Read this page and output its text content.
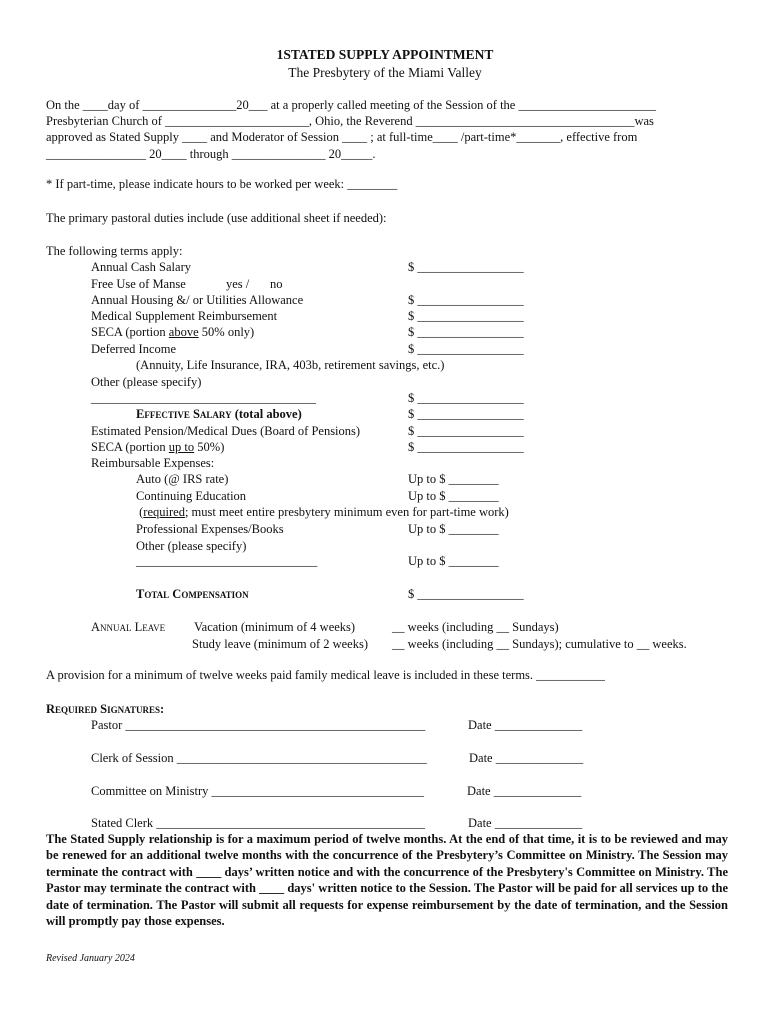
1STATED SUPPLY APPOINTMENT
The Presbytery of the Miami Valley
On the ____day of _______________20___ at a properly called meeting of the Session of the ______________________
Presbyterian Church of _______________________, Ohio, the Reverend ___________________________________was
approved as Stated Supply ____ and Moderator of Session ____ ; at full-time____ /part-time*_______, effective from
________________ 20____ through _______________ 20_____.
* If part-time, please indicate hours to be worked per week: ________
The primary pastoral duties include (use additional sheet if needed):
The following terms apply:
Annual Cash Salary	$ _________________
Free Use of Manse	yes / no
Annual Housing &/ or Utilities Allowance	$ _________________
Medical Supplement Reimbursement	$ _________________
SECA (portion above 50% only)	$ _________________
Deferred Income	$ _________________
(Annuity, Life Insurance, IRA, 403b, retirement savings, etc.)
Other (please specify)
____________________________________	$ _________________
Effective Salary (total above)	$ _________________
Estimated Pension/Medical Dues (Board of Pensions)	$ _________________
SECA (portion up to 50%)	$ _________________
Reimbursable Expenses:
Auto (@ IRS rate)	Up to $ ________
Continuing Education	Up to $ ________
(required; must meet entire presbytery minimum even for part-time work)
Professional Expenses/Books	Up to $ ________
Other (please specify)
_____________________________	Up to $ ________
Total Compensation	$ _________________
Annual Leave Vacation (minimum of 4 weeks)	__ weeks (including __ Sundays)
Study leave (minimum of 2 weeks) __ weeks (including __ Sundays); cumulative to __ weeks.
A provision for a minimum of twelve weeks paid family medical leave is included in these terms. ___________
Required Signatures:
Pastor ________________________________________________	Date ______________
Clerk of Session ________________________________________	Date ______________
Committee on Ministry __________________________________	Date ______________
Stated Clerk ___________________________________________	Date ______________
The Stated Supply relationship is for a maximum period of twelve months. At the end of that time, it is to be reviewed and may be renewed for an additional twelve months with the concurrence of the Presbytery’s Committee on Ministry. The Session may terminate the contract with ____ days’ written notice and with the concurrence of the Presbytery's Committee on Ministry. The Pastor may terminate the contract with ____ days' written notice to the Session. The Pastor will be paid for all services up to the date of termination. The Pastor will submit all requests for expense reimbursement by the date of termination, and the Session will promptly pay those expenses.
Revised January 2024
